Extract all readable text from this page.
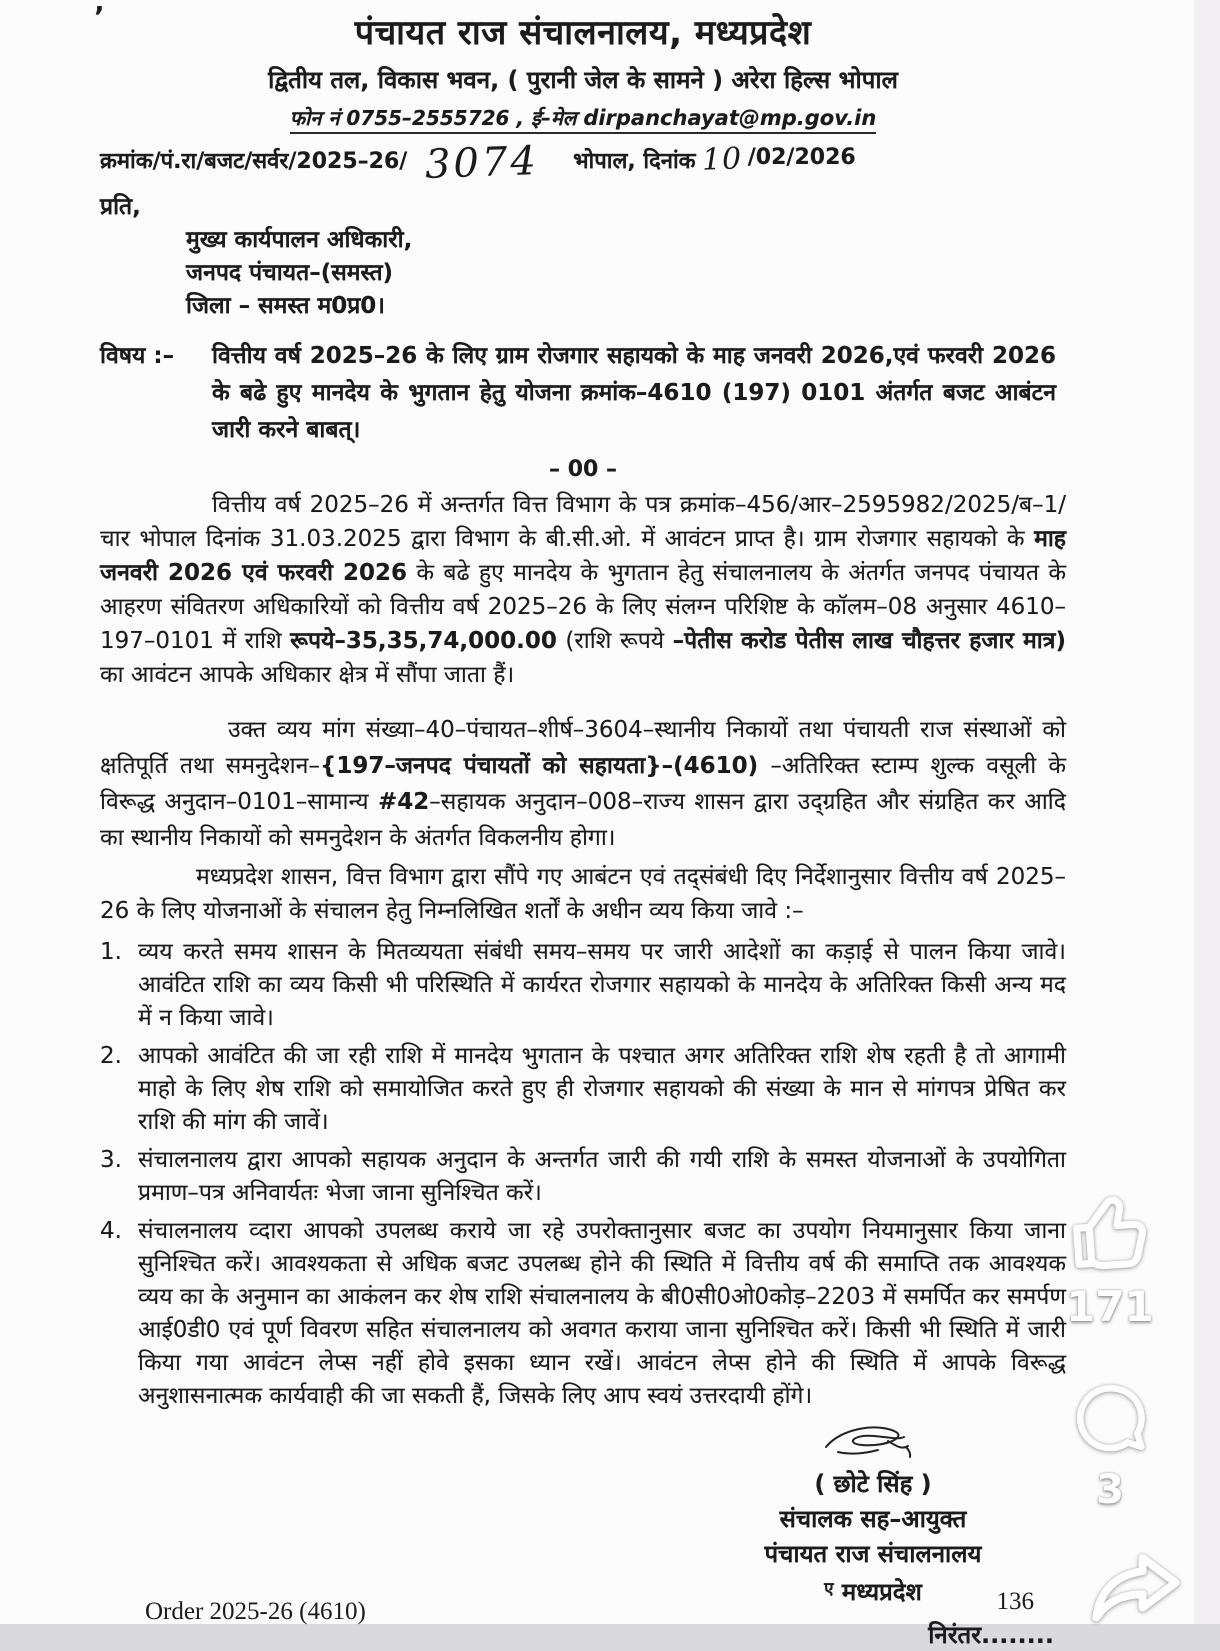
’	पंचायत राज संचालनालय, मध्यप्रदेश
द्वितीय तल, विकास भवन, ( पुरानी जेल के सामने ) अरेरा हिल्स भोपाल
फोन नं 0755–2555726 , ई–मेल dirpanchayat@mp.gov.in
क्रमांक/पं.रा/बजट/सर्वर/2025–26/ 3074 भोपाल, दिनांक 10 /02/2026
प्रति,
मुख्य कार्यपालन अधिकारी,
जनपद पंचायत–(समस्त)
जिला – समस्त म0प्र0।
विषय :–	वित्तीय वर्ष 2025–26 के लिए ग्राम रोजगार सहायको के माह जनवरी 2026,एवं फरवरी 2026 के बढे हुए मानदेय के भुगतान हेतु योजना क्रमांक–4610 (197) 0101 अंतर्गत बजट आबंटन जारी करने बाबत्।
– 00 –
वित्तीय वर्ष 2025–26 में अन्तर्गत वित्त विभाग के पत्र क्रमांक–456/आर–2595982/2025/ब–1/चार भोपाल दिनांक 31.03.2025 द्वारा विभाग के बी.सी.ओ. में आवंटन प्राप्त है। ग्राम रोजगार सहायको के माह जनवरी 2026 एवं फरवरी 2026 के बढे हुए मानदेय के भुगतान हेतु संचालनालय के अंतर्गत जनपद पंचायत के आहरण संवितरण अधिकारियों को वित्तीय वर्ष 2025–26 के लिए संलग्न परिशिष्ट के कॉलम–08 अनुसार 4610–197–0101 में राशि रूपये–35,35,74,000.00 (राशि रूपये –पेतीस करोड पेतीस लाख चौहत्तर हजार मात्र) का आवंटन आपके अधिकार क्षेत्र में सौंपा जाता हैं।
उक्त व्यय मांग संख्या–40–पंचायत–शीर्ष–3604–स्थानीय निकायों तथा पंचायती राज संस्थाओं को क्षतिपूर्ति तथा समनुदेशन–{197–जनपद पंचायतों को सहायता}–(4610) –अतिरिक्त स्टाम्प शुल्क वसूली के विरूद्ध अनुदान–0101–सामान्य #42–सहायक अनुदान–008–राज्य शासन द्वारा उद्ग्रहित और संग्रहित कर आदि का स्थानीय निकायों को समनुदेशन के अंतर्गत विकलनीय होगा।
मध्यप्रदेश शासन, वित्त विभाग द्वारा सौंपे गए आबंटन एवं तद्संबंधी दिए निर्देशानुसार वित्तीय वर्ष 2025–26 के लिए योजनाओं के संचालन हेतु निम्नलिखित शर्तों के अधीन व्यय किया जावे :–
1. व्यय करते समय शासन के मितव्ययता संबंधी समय–समय पर जारी आदेशों का कड़ाई से पालन किया जावे। आवंटित राशि का व्यय किसी भी परिस्थिति में कार्यरत रोजगार सहायको के मानदेय के अतिरिक्त किसी अन्य मद में न किया जावे।
2. आपको आवंटित की जा रही राशि में मानदेय भुगतान के पश्चात अगर अतिरिक्त राशि शेष रहती है तो आगामी माहो के लिए शेष राशि को समायोजित करते हुए ही रोजगार सहायको की संख्या के मान से मांगपत्र प्रेषित कर राशि की मांग की जावें।
3. संचालनालय द्वारा आपको सहायक अनुदान के अन्तर्गत जारी की गयी राशि के समस्त योजनाओं के उपयोगिता प्रमाण–पत्र अनिवार्यतः भेजा जाना सुनिश्चित करें।
4. संचालनालय व्दारा आपको उपलब्ध कराये जा रहे उपरोक्तानुसार बजट का उपयोग नियमानुसार किया जाना सुनिश्चित करें। आवश्यकता से अधिक बजट उपलब्ध होने की स्थिति में वित्तीय वर्ष की समाप्ति तक आवश्यक व्यय का के अनुमान का आकंलन कर शेष राशि संचालनालय के बी0सी0ओ0कोड़–2203 में समर्पित कर समर्पण आई0डी0 एवं पूर्ण विवरण सहित संचालनालय को अवगत कराया जाना सुनिश्चित करें। किसी भी स्थिति में जारी किया गया आवंटन लेप्स नहीं होवे इसका ध्यान रखें। आवंटन लेप्स होने की स्थिति में आपके विरूद्ध अनुशासनात्मक कार्यवाही की जा सकती हैं, जिसके लिए आप स्वयं उत्तरदायी होंगे।
( छोटे सिंह )
संचालक सह–आयुक्त
पंचायत राज संचालनालय
$^ए$ मध्यप्रदेश
निरंतर........
Order 2025-26 (4610)	136
171
3
